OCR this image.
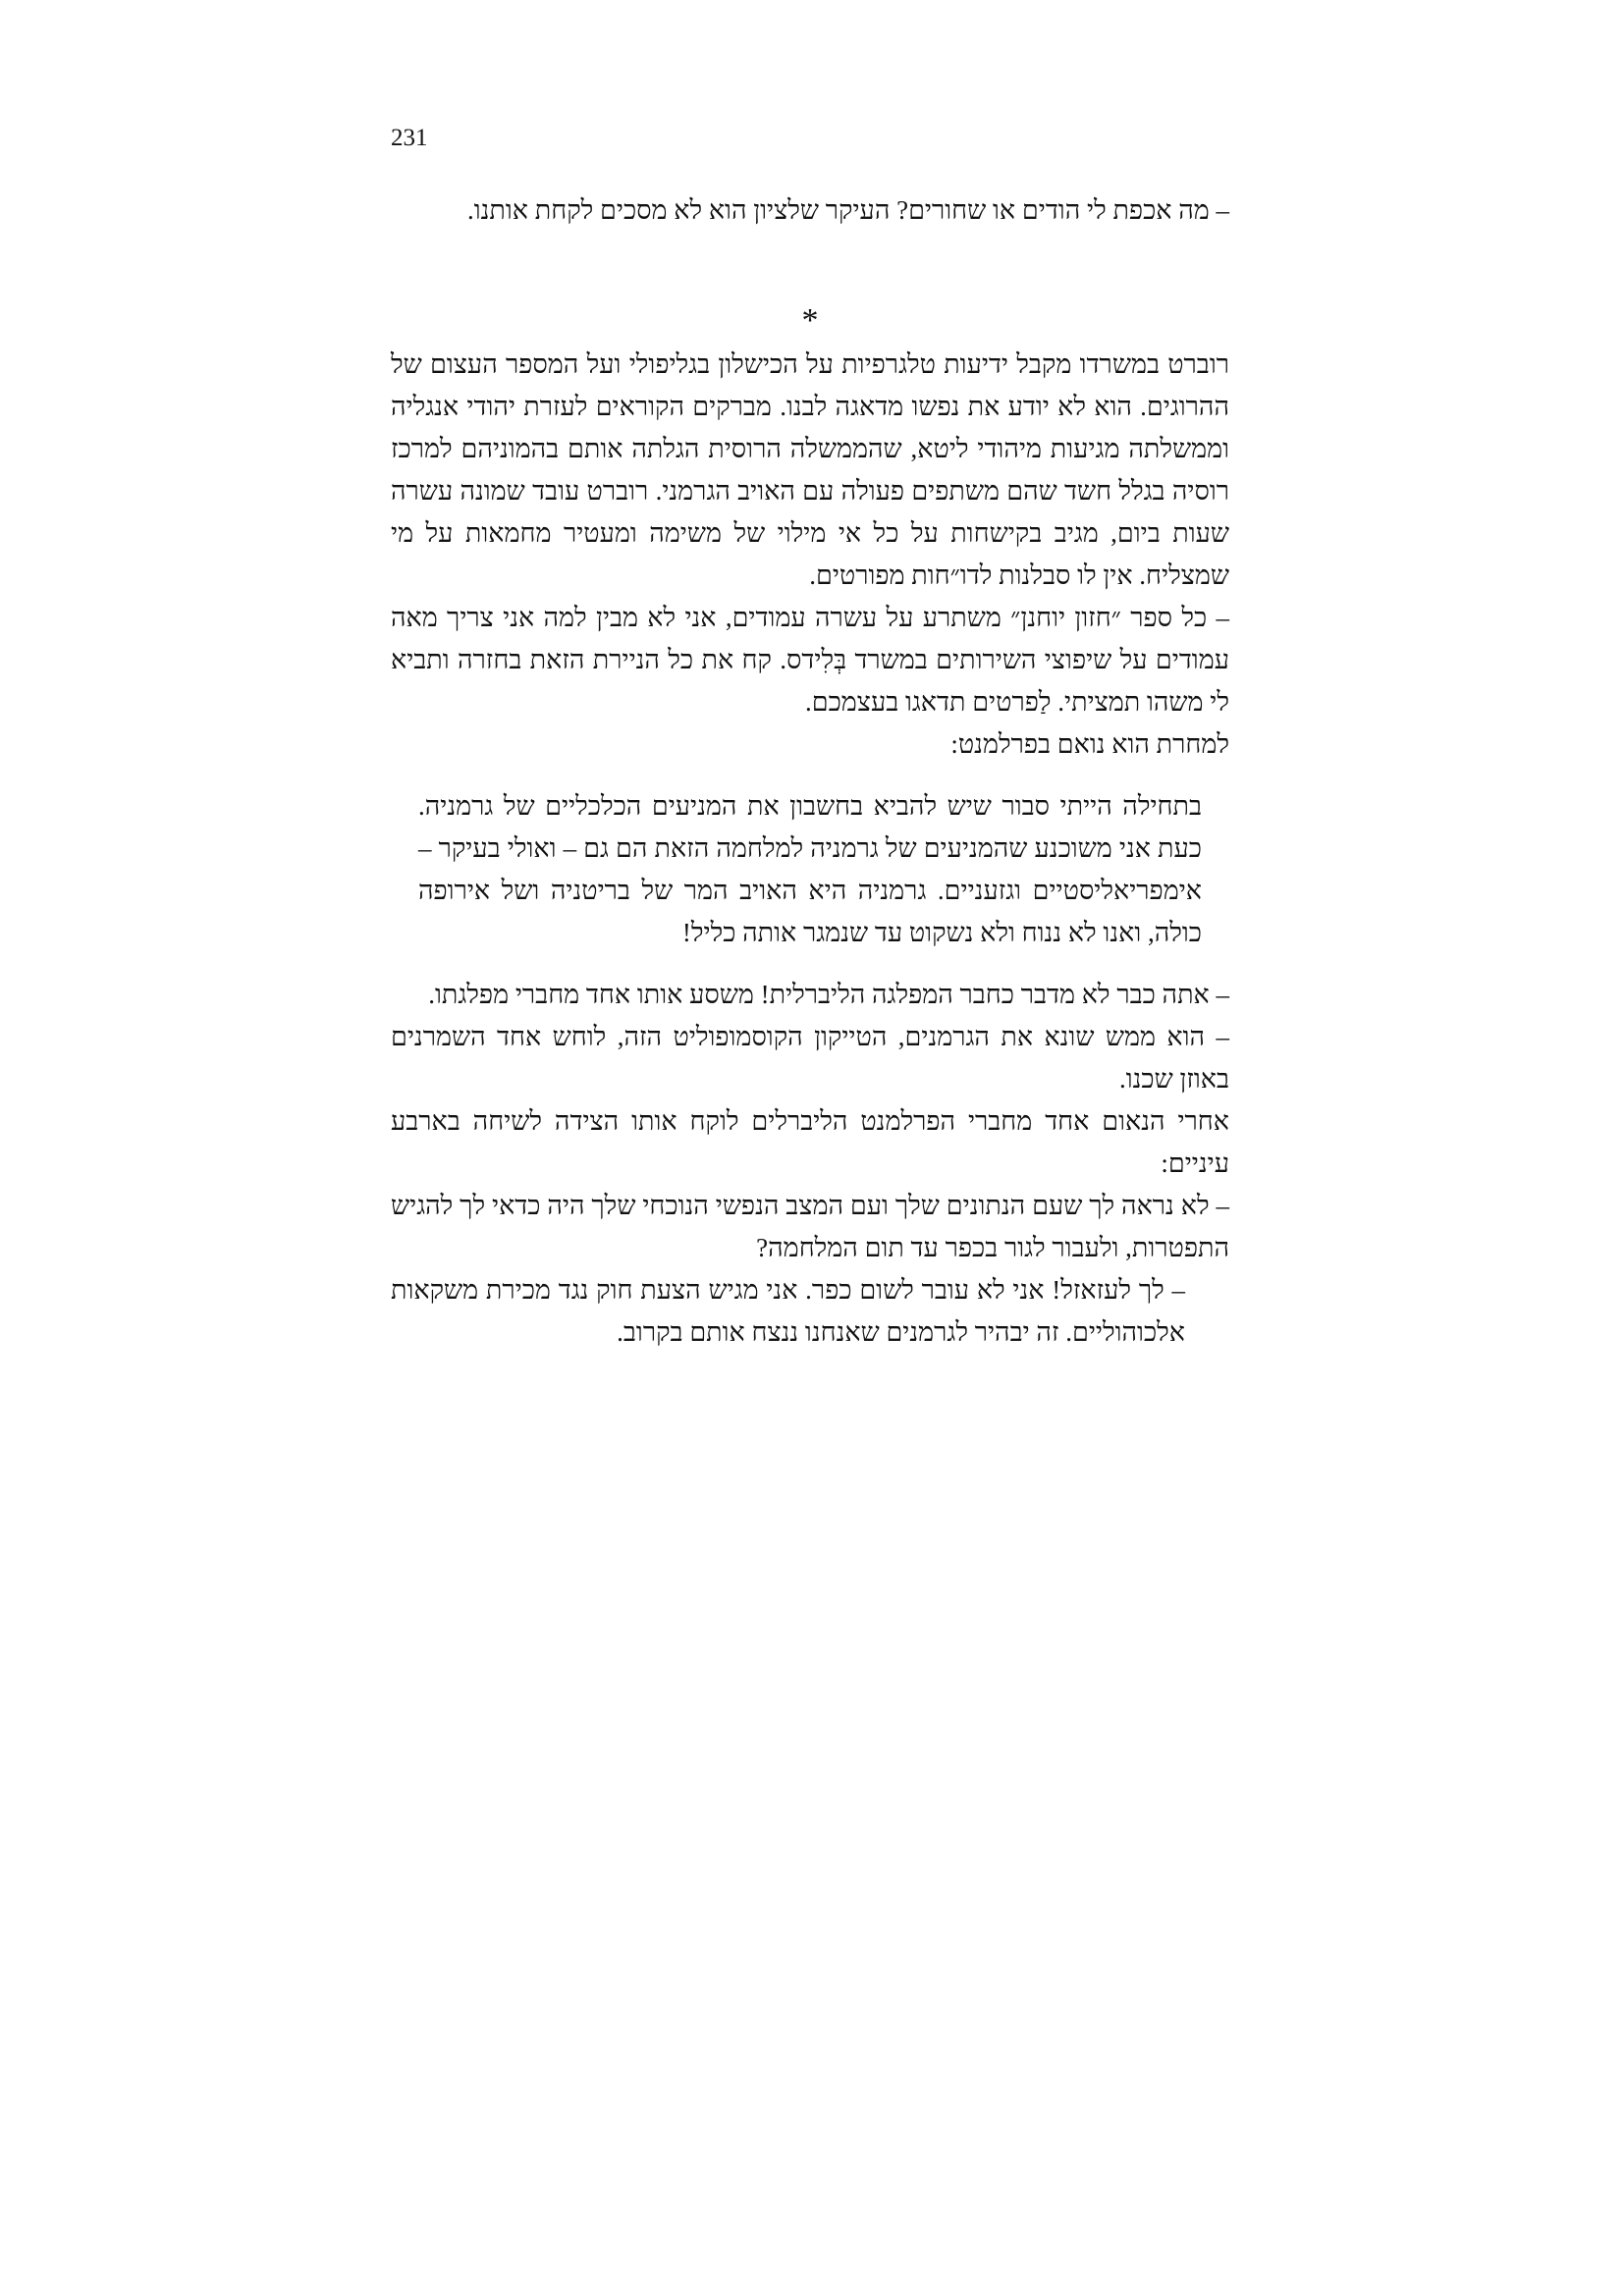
231

– מה אכפת לי הודים או שחורים? העיקר שלציון הוא לא מסכים לקחת אותנו.

*

רוברט במשרדו מקבל ידיעות טלגרפיות על הכישלון בגליפולי ועל המספר העצום של ההרוגים. הוא לא יודע את נפשו מדאגה לבנו. מברקים הקוראים לעזרת יהודי אנגליה וממשלתה מגיעות מיהודי ליטא, שהממשלה הרוסית הגלתה אותם בהמוניהם למרכז רוסיה בגלל חשד שהם משתפים פעולה עם האויב הגרמני. רוברט עובד שמונה עשרה שעות ביום, מגיב בקישחות על כל אי מילוי של משימה ומעטיר מחמאות על מי שמצליח. אין לו סבלנות לדו״חות מפורטים.

– כל ספר ״חזון יוחנן״ משתרע על עשרה עמודים, אני לא מבין למה אני צריך מאה עמודים על שיפוצי השירותים במשרד בְּלִידס. קח את כל הניירת הזאת בחזרה ותביא לי משהו תמציתי. לַפרטים תדאגו בעצמכם.

למחרת הוא נואם בפרלמנט:

בתחילה הייתי סבור שיש להביא בחשבון את המניעים הכלכליים של גרמניה. כעת אני משוכנע שהמניעים של גרמניה למלחמה הזאת הם גם – ואולי בעיקר – אימפריאליסטיים וגזעניים. גרמניה היא האויב המר של בריטניה ושל אירופה כולה, ואנו לא ננוח ולא נשקוט עד שנמגר אותה כליל!

– אתה כבר לא מדבר כחבר המפלגה הליברלית! משסע אותו אחד מחברי מפלגתו.

– הוא ממש שונא את הגרמנים, הטייקון הקוסמופוליט הזה, לוחש אחד השמרנים באוזן שכנו.

אחרי הנאום אחד מחברי הפרלמנט הליברלים לוקח אותו הצידה לשיחה בארבע עיניים:

– לא נראה לך שעם הנתונים שלך ועם המצב הנפשי הנוכחי שלך היה כדאי לך להגיש התפטרות, ולעבור לגור בכפר עד תום המלחמה?

– לך לעזאזל! אני לא עובר לשום כפר. אני מגיש הצעת חוק נגד מכירת משקאות אלכוהוליים. זה יבהיר לגרמנים שאנחנו ננצח אותם בקרוב.
